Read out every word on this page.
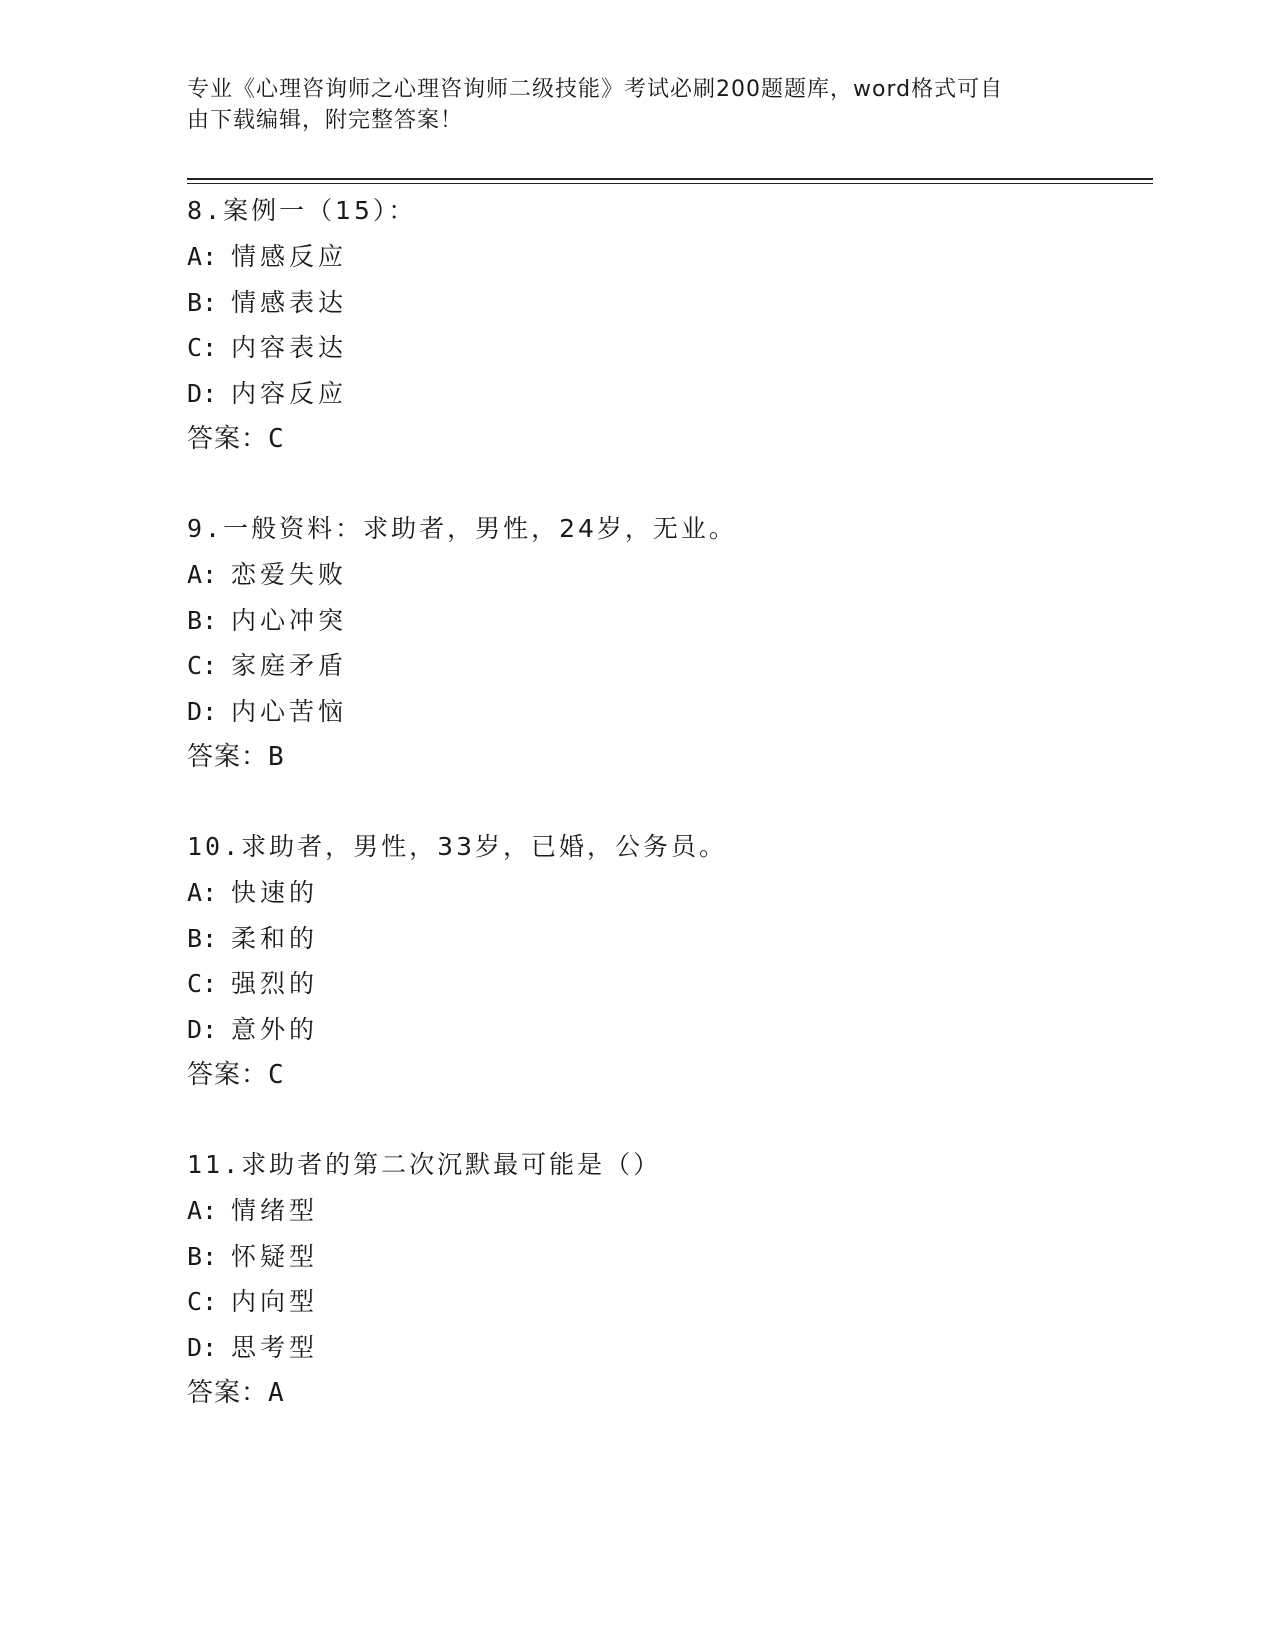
专业《心理咨询师之心理咨询师二级技能》考试必刷200题题库，word格式可自
由下载编辑，附完整答案！
8.案例一（15）：
A: 情感反应
B: 情感表达
C: 内容表达
D: 内容反应
答案：C
9.一般资料：求助者，男性，24岁，无业。
A: 恋爱失败
B: 内心冲突
C: 家庭矛盾
D: 内心苦恼
答案：B
10.求助者，男性，33岁，已婚，公务员。
A: 快速的
B: 柔和的
C: 强烈的
D: 意外的
答案：C
11.求助者的第二次沉默最可能是（）
A: 情绪型
B: 怀疑型
C: 内向型
D: 思考型
答案：A
